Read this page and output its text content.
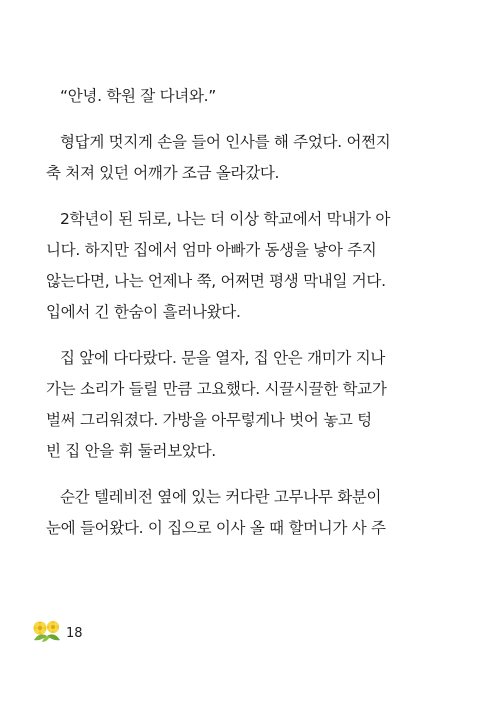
“안녕. 학원 잘 다녀와.”
형답게 멋지게 손을 들어 인사를 해 주었다. 어쩐지
축 처져 있던 어깨가 조금 올라갔다.
2학년이 된 뒤로, 나는 더 이상 학교에서 막내가 아
니다. 하지만 집에서 엄마 아빠가 동생을 낳아 주지
않는다면, 나는 언제나 쭉, 어쩌면 평생 막내일 거다.
입에서 긴 한숨이 흘러나왔다.
집 앞에 다다랐다. 문을 열자, 집 안은 개미가 지나
가는 소리가 들릴 만큼 고요했다. 시끌시끌한 학교가
벌써 그리워졌다. 가방을 아무렇게나 벗어 놓고 텅
빈 집 안을 휘 둘러보았다.
순간 텔레비전 옆에 있는 커다란 고무나무 화분이
눈에 들어왔다. 이 집으로 이사 올 때 할머니가 사 주
18
